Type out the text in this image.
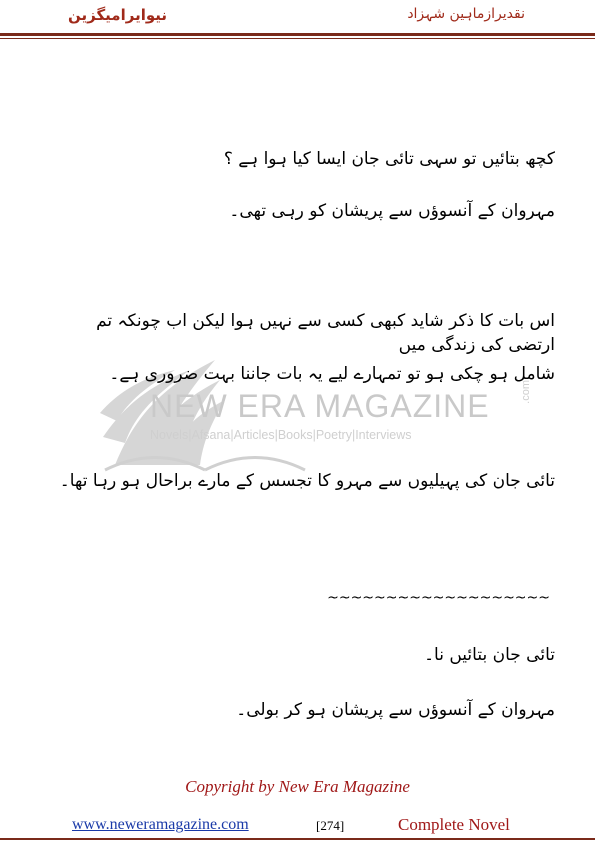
نقدیرازماہین شہزاد
نیوایرامیگزین
NEW ERA MAGAZINE
Novels|Afsana|Articles|Books|Poetry|Interviews
.com
کچھ بتائیں تو سہی تائی جان ایسا کیا ہوا ہے ؟
مہروان کے آنسوؤں سے پریشان کو رہی تھی۔
اس بات کا ذکر شاید کبھی کسی سے نہیں ہوا لیکن اب چونکہ تم ارتضی کی زندگی میں
شامل ہو چکی ہو تو تمہارے لیے یہ بات جاننا بہت ضروری ہے۔
تائی جان کی پہیلیوں سے مہرو کا تجسس کے مارے براحال ہو رہا تھا۔
~~~~~~~~~~~~~~~~~~~
تائی جان بتائیں نا۔
مہروان کے آنسوؤں سے پریشان ہو کر بولی۔
Copyright by New Era Magazine
www.neweramagazine.com	[274]	Complete Novel
